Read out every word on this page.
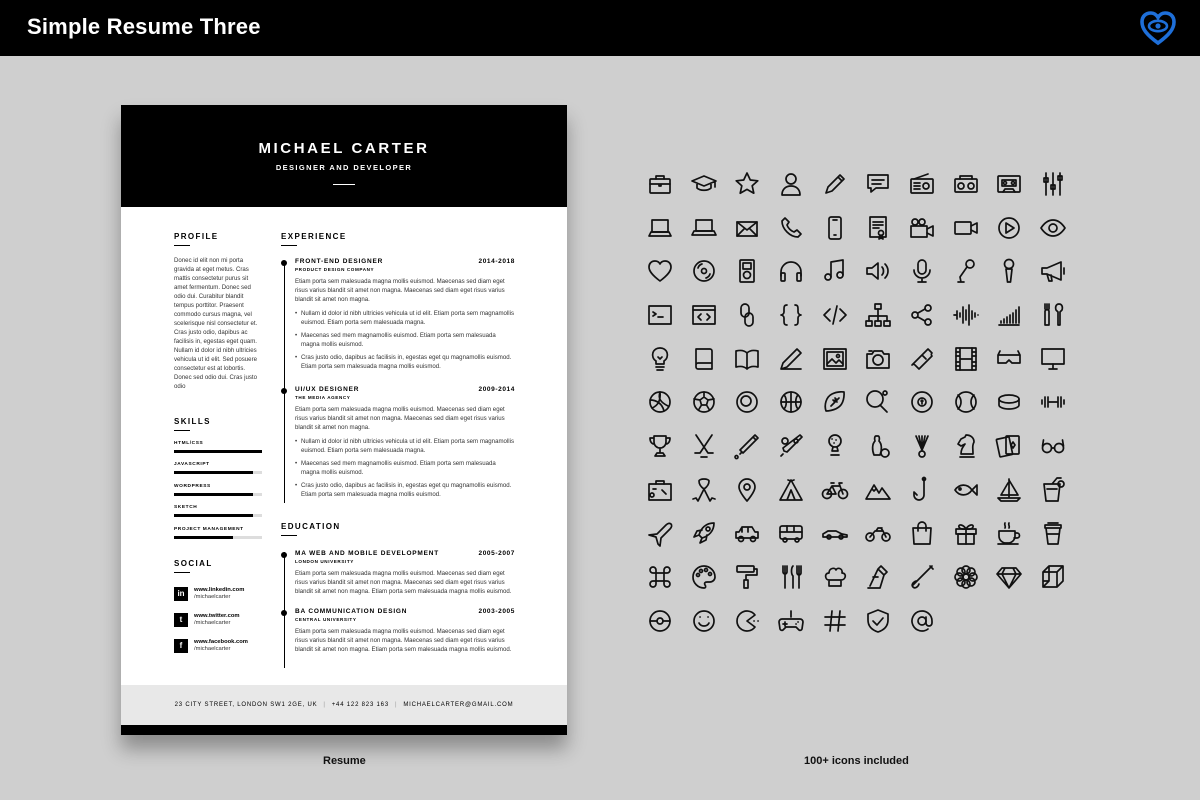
Simple Resume Three
MICHAEL CARTER
DESIGNER AND DEVELOPER
PROFILE
Donec id elit non mi porta gravida at eget metus. Cras mattis consectetur purus sit amet fermentum. Donec sed odio dui. Curabitur blandit tempus porttitor. Praesent commodo cursus magna, vel scelerisque nisl consectetur et. Cras justo odio, dapibus ac facilisis in, egestas eget quam. Nullam id dolor id nibh ultricies vehicula ut id elit. Sed posuere consectetur est at lobortis. Donec sed odio dui. Cras justo odio
SKILLS
HTML/CSS
JAVASCRIPT
WORDPRESS
SKETCH
PROJECT MANAGEMENT
SOCIAL
in	www.linkedin.com
/michaelcarter
t	www.twitter.com
/michaelcarter
f	www.facebook.com
/michaelcarter
EXPERIENCE
FRONT-END DESIGNER	2014-2018
PRODUCT DESIGN COMPANY
Etiam porta sem malesuada magna mollis euismod. Maecenas sed diam eget risus varius blandit sit amet non magna. Maecenas sed diam eget risus varius blandit sit amet non magna.
• Nullam id dolor id nibh ultricies vehicula ut id elit. Etiam porta sem magnamollis euismod. Etiam porta sem malesuada magna.
• Maecenas sed mem magnamollis euismod. Etiam porta sem malesuada magna mollis euismod.
• Cras justo odio, dapibus ac facilisis in, egestas eget qu magnamollis euismod. Etiam porta sem malesuada magna mollis euismod.
UI/UX DESIGNER	2009-2014
THE MEDIA AGENCY
Etiam porta sem malesuada magna mollis euismod. Maecenas sed diam eget risus varius blandit sit amet non magna. Maecenas sed diam eget risus varius blandit sit amet non magna.
• Nullam id dolor id nibh ultricies vehicula ut id elit. Etiam porta sem magnamollis euismod. Etiam porta sem malesuada magna.
• Maecenas sed mem magnamollis euismod. Etiam porta sem malesuada magna mollis euismod.
• Cras justo odio, dapibus ac facilisis in, egestas eget qu magnamollis euismod. Etiam porta sem malesuada magna mollis euismod.
EDUCATION
MA WEB AND MOBILE DEVELOPMENT	2005-2007
LONDON UNIVERSITY
Etiam porta sem malesuada magna mollis euismod. Maecenas sed diam eget risus varius blandit sit amet non magna. Maecenas sed diam eget risus varius blandit sit amet non magna. Etiam porta sem malesuada magna mollis euismod.
BA COMMUNICATION DESIGN	2003-2005
CENTRAL UNIVERSITY
Etiam porta sem malesuada magna mollis euismod. Maecenas sed diam eget risus varius blandit sit amet non magna. Maecenas sed diam eget risus varius blandit sit amet non magna. Etiam porta sem malesuada magna mollis euismod.
23 CITY STREET, LONDON SW1 2GE, UK | +44 122 823 163 | MICHAELCARTER@GMAIL.COM
Resume	100+ icons included
